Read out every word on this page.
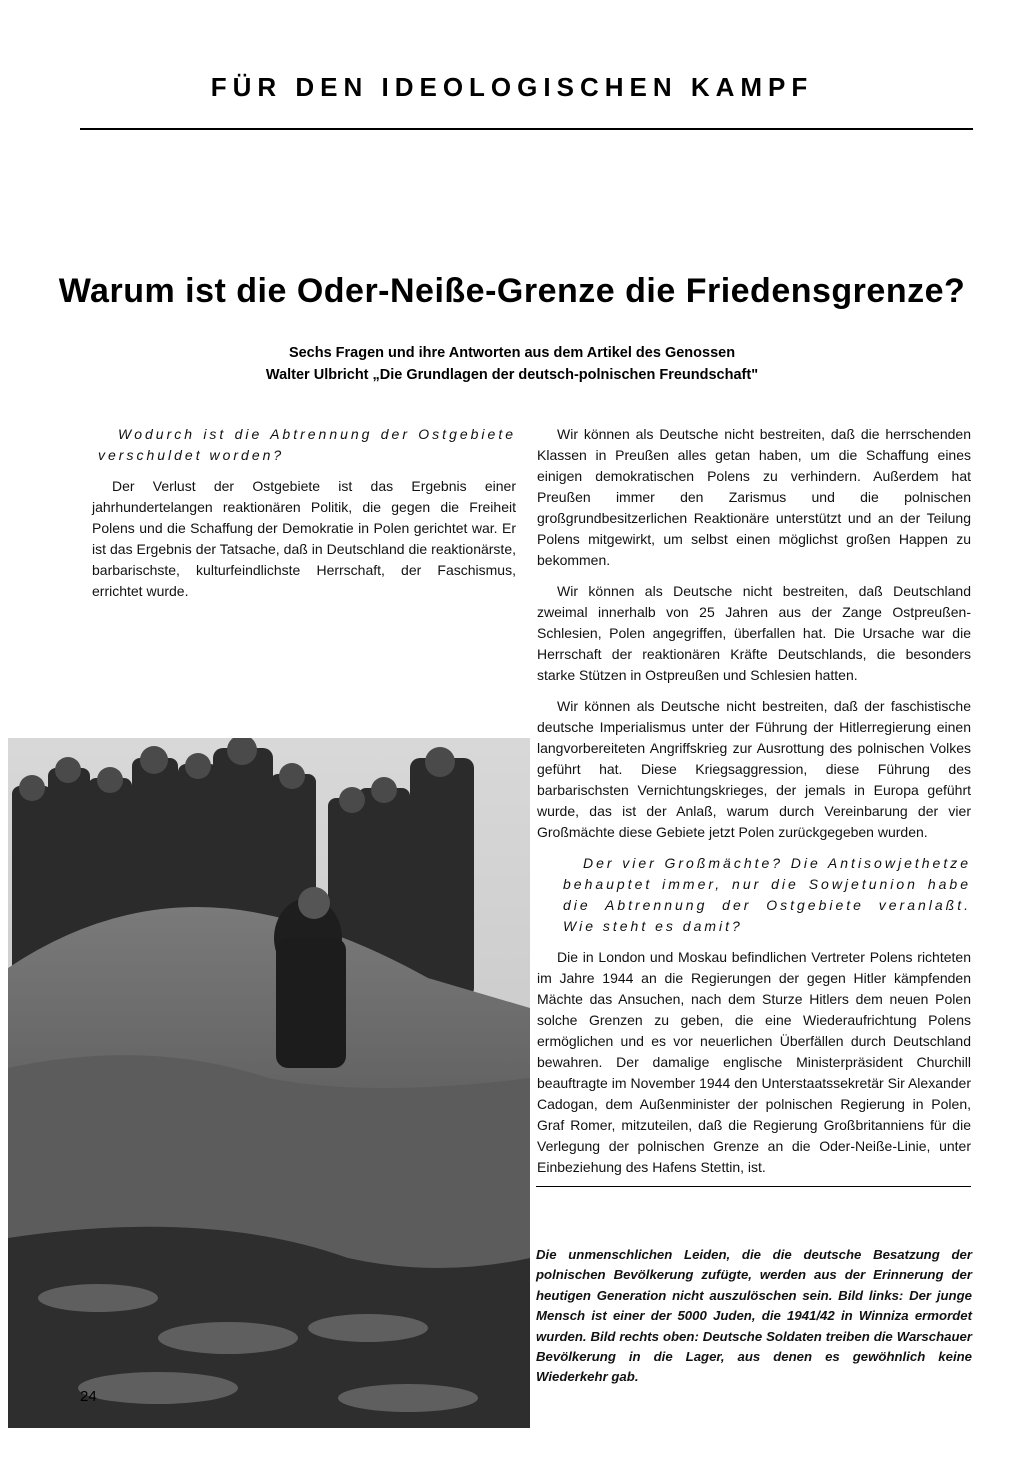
FÜR DEN IDEOLOGISCHEN KAMPF
Warum ist die Oder-Neiße-Grenze die Friedensgrenze?
Sechs Fragen und ihre Antworten aus dem Artikel des Genossen
Walter Ulbricht „Die Grundlagen der deutsch-polnischen Freundschaft"

Wodurch ist die Abtrennung der Ostgebiete verschuldet worden?

Der Verlust der Ostgebiete ist das Ergebnis einer jahrhundertelangen reaktionären Politik, die gegen die Freiheit Polens und die Schaffung der Demokratie in Polen gerichtet war. Er ist das Ergebnis der Tatsache, daß in Deutschland die reaktionärste, barbarischste, kulturfeindlichste Herrschaft, der Faschismus, errichtet wurde.

Wir können als Deutsche nicht bestreiten, daß die herrschenden Klassen in Preußen alles getan haben, um die Schaffung eines einigen demokratischen Polens zu verhindern. Außerdem hat Preußen immer den Zarismus und die polnischen großgrundbesitzerlichen Reaktionäre unterstützt und an der Teilung Polens mitgewirkt, um selbst einen möglichst großen Happen zu bekommen.

Wir können als Deutsche nicht bestreiten, daß Deutschland zweimal innerhalb von 25 Jahren aus der Zange Ostpreußen-Schlesien, Polen angegriffen, überfallen hat. Die Ursache war die Herrschaft der reaktionären Kräfte Deutschlands, die besonders starke Stützen in Ostpreußen und Schlesien hatten.

Wir können als Deutsche nicht bestreiten, daß der faschistische deutsche Imperialismus unter der Führung der Hitlerregierung einen langvorbereiteten Angriffskrieg zur Ausrottung des polnischen Volkes geführt hat. Diese Kriegsaggression, diese Führung des barbarischsten Vernichtungskrieges, der jemals in Europa geführt wurde, das ist der Anlaß, warum durch Vereinbarung der vier Großmächte diese Gebiete jetzt Polen zurückgegeben wurden.

Der vier Großmächte? Die Antisowjethetze behauptet immer, nur die Sowjetunion habe die Abtrennung der Ostgebiete veranlaßt. Wie steht es damit?

Die in London und Moskau befindlichen Vertreter Polens richteten im Jahre 1944 an die Regierungen der gegen Hitler kämpfenden Mächte das Ansuchen, nach dem Sturze Hitlers dem neuen Polen solche Grenzen zu geben, die eine Wiederaufrichtung Polens ermöglichen und es vor neuerlichen Überfällen durch Deutschland bewahren. Der damalige englische Ministerpräsident Churchill beauftragte im November 1944 den Unterstaatssekretär Sir Alexander Cadogan, dem Außenminister der polnischen Regierung in Polen, Graf Romer, mitzuteilen, daß die Regierung Großbritanniens für die Verlegung der polnischen Grenze an die Oder-Neiße-Linie, unter Einbeziehung des Hafens Stettin, ist.

Die unmenschlichen Leiden, die die deutsche Besatzung der polnischen Bevölkerung zufügte, werden aus der Erinnerung der heutigen Generation nicht auszulöschen sein. Bild links: Der junge Mensch ist einer der 5000 Juden, die 1941/42 in Winniza ermordet wurden. Bild rechts oben: Deutsche Soldaten treiben die Warschauer Bevölkerung in die Lager, aus denen es gewöhnlich keine Wiederkehr gab.
24
